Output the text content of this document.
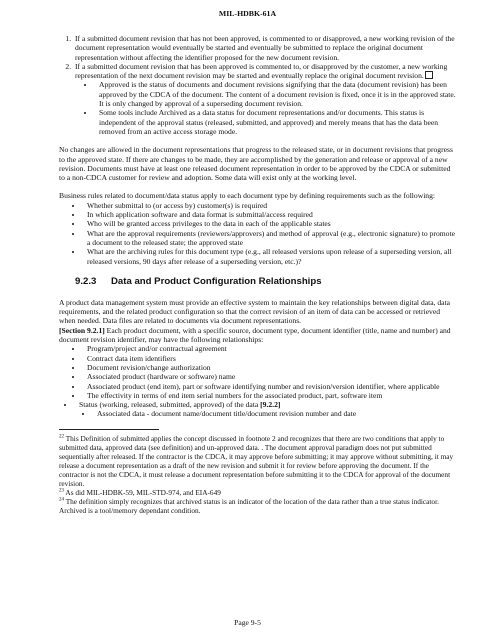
MIL-HDBK-61A
1. If a submitted document revision that has not been approved, is commented to or disapproved, a new working revision of the document representation would eventually be started and eventually be submitted to replace the original document representation without affecting the identifier proposed for the new document revision.
2. If a submitted document revision that has been approved is commented to, or disapproved by the customer, a new working representation of the next document revision may be started and eventually replace the original document revision.
• Approved is the status of documents and document revisions signifying that the data (document revision) has been approved by the CDCA of the document. The content of a document revision is fixed, once it is in the approved state. It is only changed by approval of a superseding document revision.
• Some tools include Archived as a data status for document representations and/or documents. This status is independent of the approval status (released, submitted, and approved) and merely means that has the data been removed from an active access storage mode.

No changes are allowed in the document representations that progress to the released state, or in document revisions that progress to the approved state. If there are changes to be made, they are accomplished by the generation and release or approval of a new revision. Documents must have at least one released document representation in order to be approved by the CDCA or submitted to a non-CDCA customer for review and adoption. Some data will exist only at the working level.

Business rules related to document/data status apply to each document type by defining requirements such as the following:

• Whether submittal to (or access by) customer(s) is required
• In which application software and data format is submittal/access required
• Who will be granted access privileges to the data in each of the applicable states
• What are the approval requirements (reviewers/approvers) and method of approval (e.g., electronic signature) to promote a document to the released state; the approved state
• What are the archiving rules for this document type (e.g., all released versions upon release of a superseding version, all released versions, 90 days after release of a superseding version, etc.)?
9.2.3 Data and Product Configuration Relationships

A product data management system must provide an effective system to maintain the key relationships between digital data, data requirements, and the related product configuration so that the correct revision of an item of data can be accessed or retrieved when needed. Data files are related to documents via document representations.
[Section 9.2.1] Each product document, with a specific source, document type, document identifier (title, name and number) and document revision identifier, may have the following relationships:

• Program/project and/or contractual agreement
• Contract data item identifiers
• Document revision/change authorization
• Associated product (hardware or software) name
• Associated product (end item), part or software identifying number and revision/version identifier, where applicable
• The effectivity in terms of end item serial numbers for the associated product, part, software item
• Status (working, released, submitted, approved) of the data [9.2.2]
• Associated data - document name/document title/document revision number and date
$^{22}$ This Definition of submitted applies the concept discussed in footnote 2 and recognizes that there are two conditions that apply to submitted data, approved data (see definition) and un-approved data. . The document approval paradigm does not put submitted sequentially after released. If the contractor is the CDCA, it may approve before submitting; it may approve without submitting, it may release a document representation as a draft of the new revision and submit it for review before approving the document. If the contractor is not the CDCA, it must release a document representation before submitting it to the CDCA for approval of the document revision.
$^{23}$ As did MIL-HDBK-59, MIL-STD-974, and EIA-649
$^{24}$ The definition simply recognizes that archived status is an indicator of the location of the data rather than a true status indicator. Archived is a tool/memory dependant condition.
Page 9-5
